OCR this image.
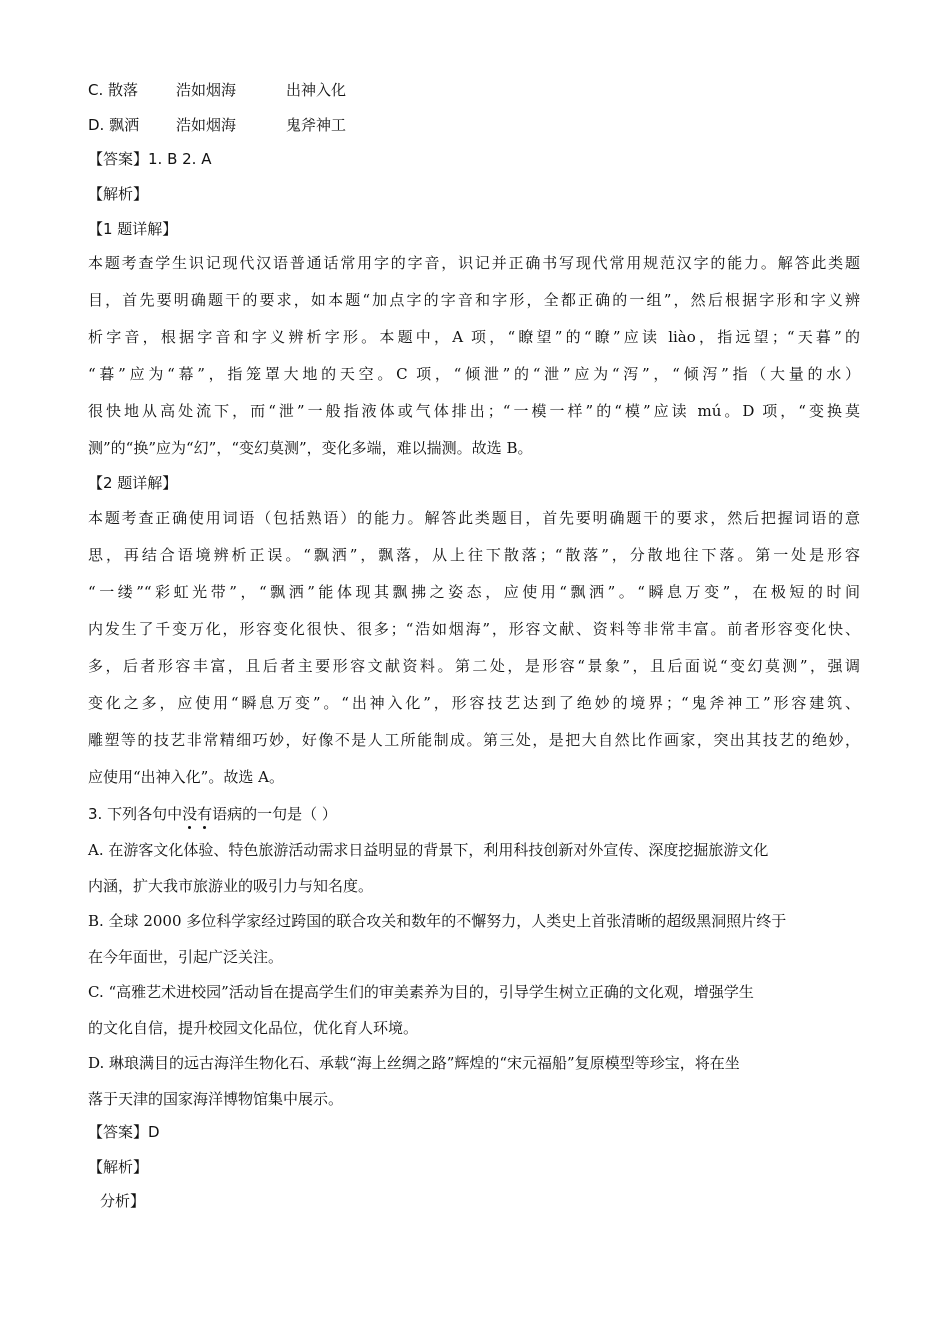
C. 散落	浩如烟海	出神入化
D. 飘洒 浩如烟海	鬼斧神工
【答案】1. B 2. A
【解析】
【1 题详解】
本题考查学生识记现代汉语普通话常用字的字音，识记并正确书写现代常用规范汉字的能力。解答此类题
目，首先要明确题干的要求，如本题“加点字的字音和字形，全都正确的一组”，然后根据字形和字义辨
析字音，根据字音和字义辨析字形。本题中，A 项，“瞭望”的“瞭”应读 liào，指远望；“天暮”的
“暮”应为“幕”，指笼罩大地的天空。C 项，“倾泄”的“泄”应为“泻”，“倾泻”指（大量的水）
很快地从高处流下，而“泄”一般指液体或气体排出；“一模一样”的“模”应读 mú。D 项，“变换莫
测”的“换”应为“幻”，“变幻莫测”，变化多端，难以揣测。故选 B。
【2 题详解】
本题考查正确使用词语（包括熟语）的能力。解答此类题目，首先要明确题干的要求，然后把握词语的意
思，再结合语境辨析正误。“飘洒”，飘落，从上往下散落；“散落”，分散地往下落。第一处是形容
“一缕”“彩虹光带”，“飘洒”能体现其飘拂之姿态，应使用“飘洒”。“瞬息万变”，在极短的时间
内发生了千变万化，形容变化很快、很多；“浩如烟海”，形容文献、资料等非常丰富。前者形容变化快、
多，后者形容丰富，且后者主要形容文献资料。第二处，是形容“景象”，且后面说“变幻莫测”，强调
变化之多，应使用“瞬息万变”。“出神入化”，形容技艺达到了绝妙的境界；“鬼斧神工”形容建筑、
雕塑等的技艺非常精细巧妙，好像不是人工所能制成。第三处，是把大自然比作画家，突出其技艺的绝妙，
应使用“出神入化”。故选 A。
3. 下列各句中没有语病的一句是（ ）
A. 在游客文化体验、特色旅游活动需求日益明显的背景下，利用科技创新对外宣传、深度挖掘旅游文化
内涵，扩大我市旅游业的吸引力与知名度。
B. 全球 2000 多位科学家经过跨国的联合攻关和数年的不懈努力，人类史上首张清晰的超级黑洞照片终于
在今年面世，引起广泛关注。
C. “高雅艺术进校园”活动旨在提高学生们的审美素养为目的，引导学生树立正确的文化观，增强学生
的文化自信，提升校园文化品位，优化育人环境。
D. 琳琅满目的远古海洋生物化石、承载“海上丝绸之路”辉煌的“宋元福船”复原模型等珍宝，将在坐
落于天津的国家海洋博物馆集中展示。
【答案】D
【解析】
分析】
